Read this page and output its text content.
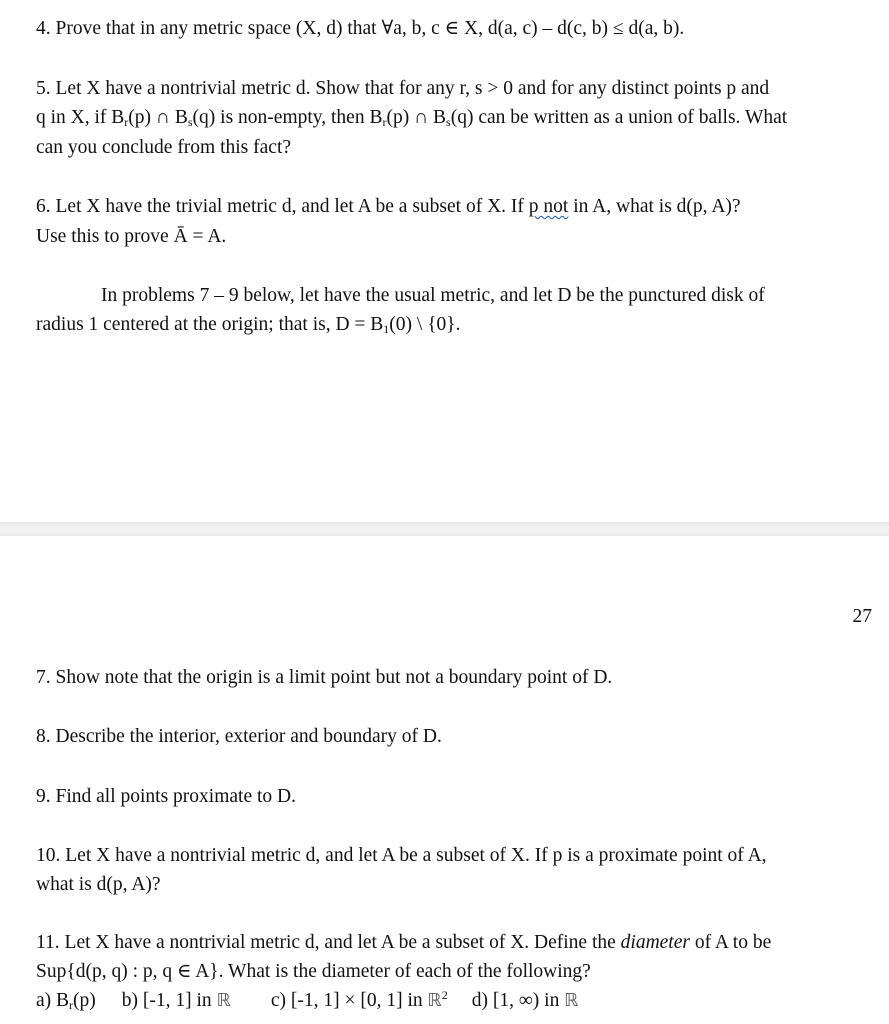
4. Prove that in any metric space (X, d) that ∀a, b, c ∈ X, d(a, c) – d(c, b) ≤ d(a, b).
5. Let X have a nontrivial metric d. Show that for any r, s > 0 and for any distinct points p and
q in X, if $B_r(p)$ ∩ $B_s(q)$ is non-empty, then $B_r(p)$ ∩ $B_s(q)$ can be written as a union of balls. What
can you conclude from this fact?
6. Let X have the trivial metric d, and let A be a subset of X. If p not in A, what is d(p, A)?
Use this to prove Ā = A.
In problems 7 – 9 below, let have the usual metric, and let D be the punctured disk of
radius 1 centered at the origin; that is, $D = B_1(0)$ \ {0}.
27
7. Show note that the origin is a limit point but not a boundary point of D.
8. Describe the interior, exterior and boundary of D.
9. Find all points proximate to D.
10. Let X have a nontrivial metric d, and let A be a subset of X. If p is a proximate point of A,
what is d(p, A)?
11. Let X have a nontrivial metric d, and let A be a subset of X. Define the diameter of A to be
Sup{d(p, q) : p, q ∈ A}. What is the diameter of each of the following?
a) $B_r(p)$ b) [-1, 1] in ℝ c) [-1, 1] × [0, 1] in ℝ$^2$ d) [1, ∞) in ℝ
